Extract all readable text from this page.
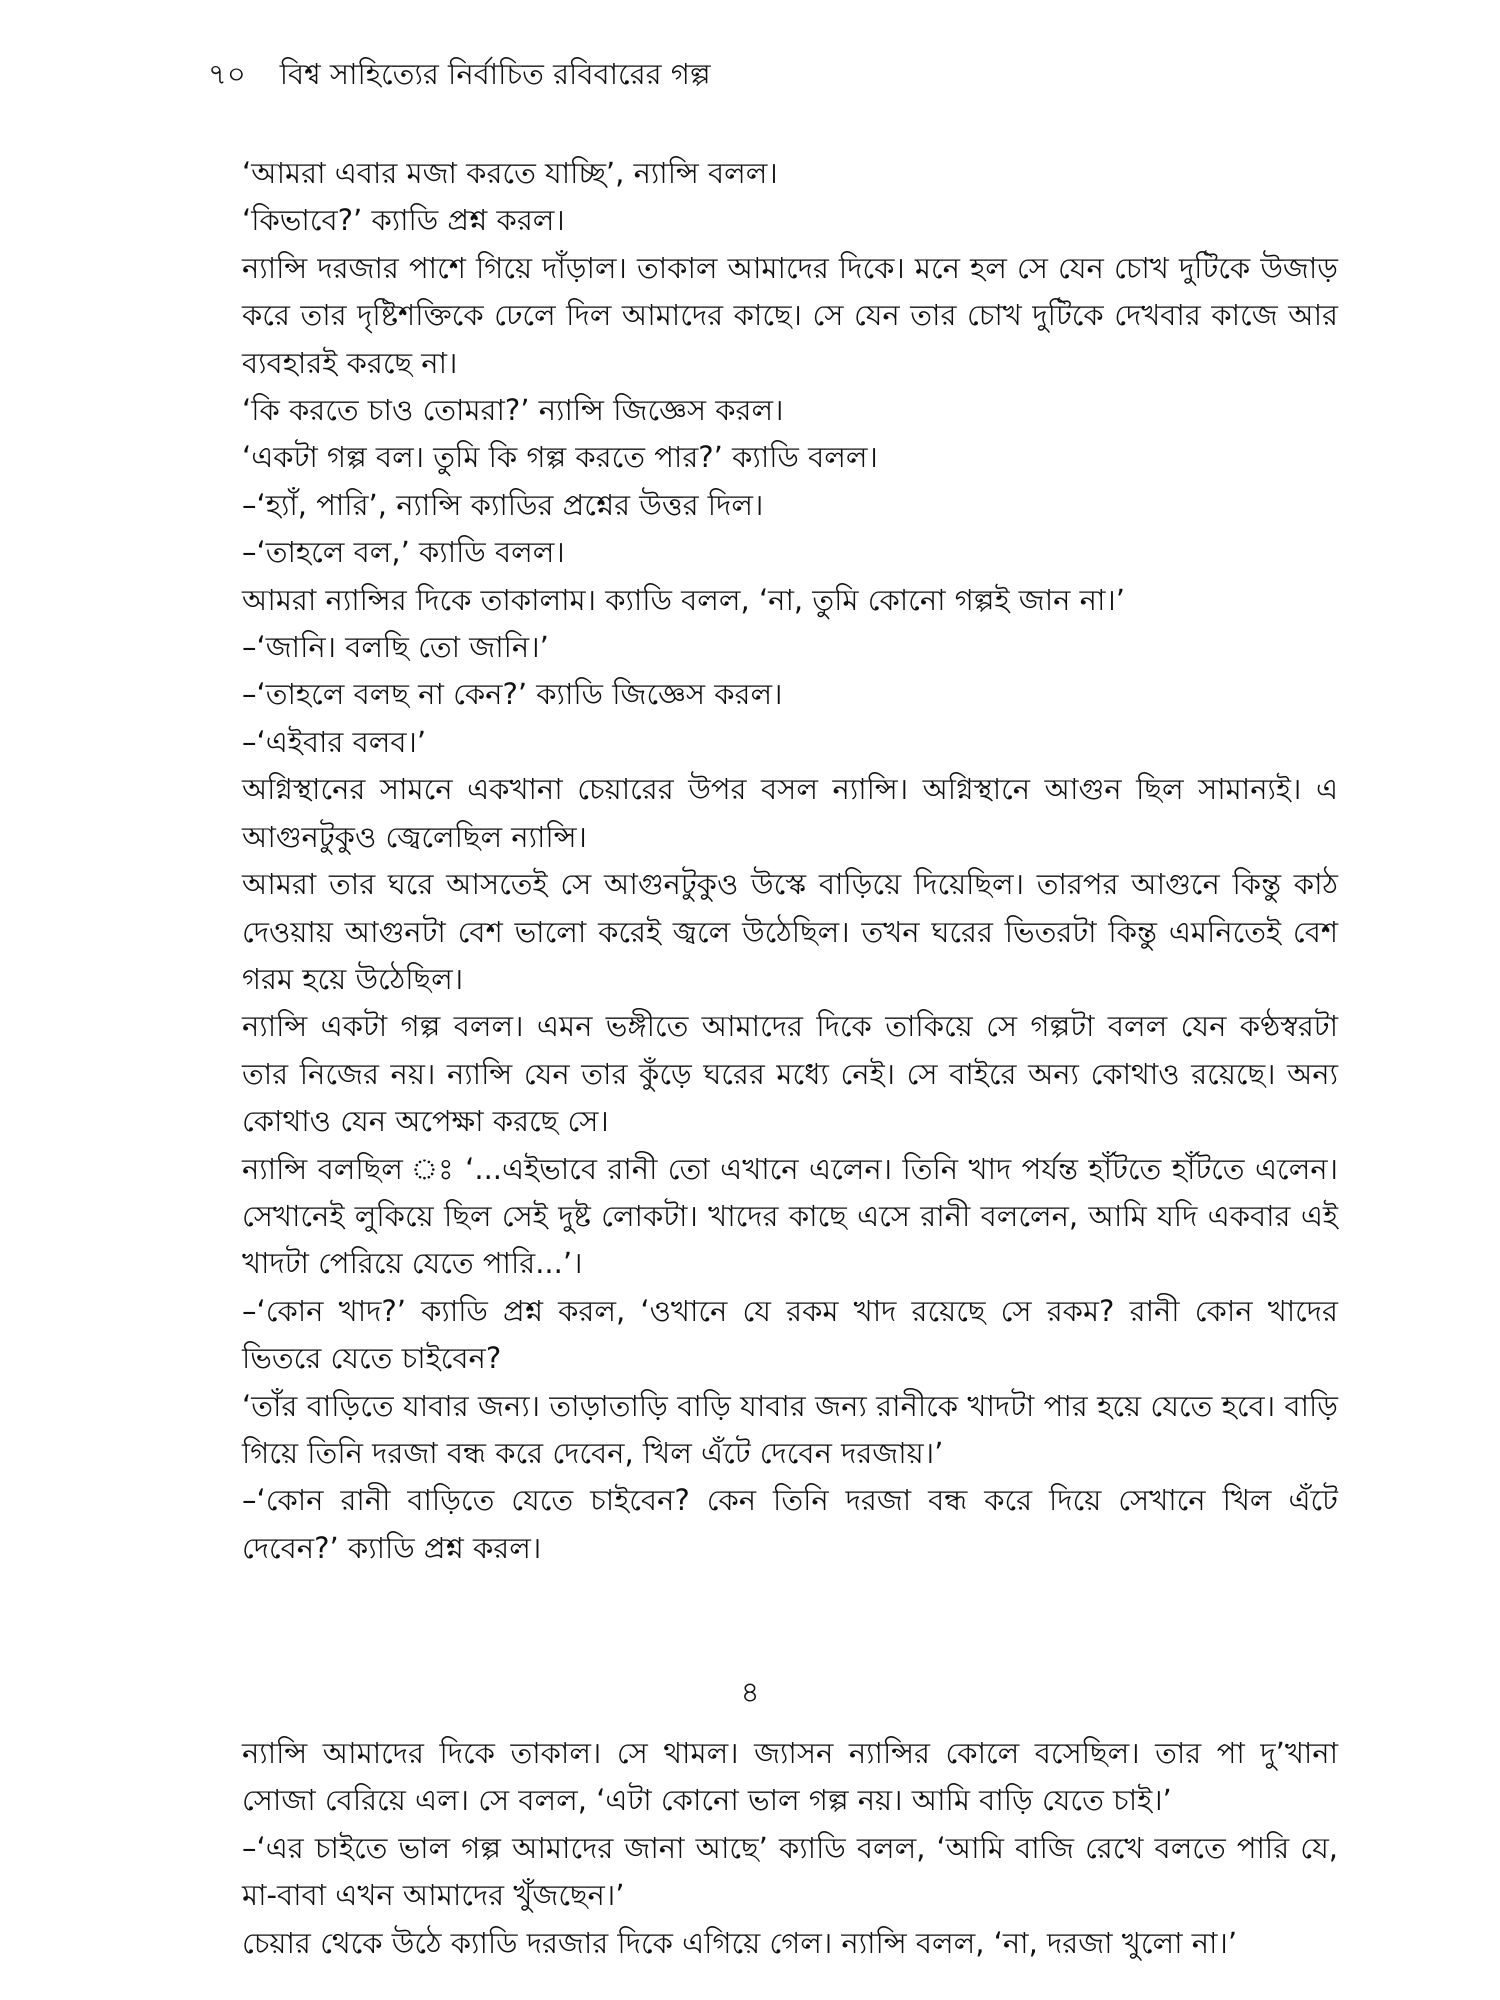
৭০ বিশ্ব সাহিত্যের নির্বাচিত রবিবারের গল্প

‘আমরা এবার মজা করতে যাচ্ছি’, ন্যান্সি বলল।

‘কিভাবে?’ ক্যাডি প্রশ্ন করল।

ন্যান্সি দরজার পাশে গিয়ে দাঁড়াল। তাকাল আমাদের দিকে। মনে হল সে যেন চোখ দুটিকে উজাড় করে তার দৃষ্টিশক্তিকে ঢেলে দিল আমাদের কাছে। সে যেন তার চোখ দুটিকে দেখবার কাজে আর ব্যবহারই করছে না।

‘কি করতে চাও তোমরা?’ ন্যান্সি জিজ্ঞেস করল।

‘একটা গল্প বল। তুমি কি গল্প করতে পার?’ ক্যাডি বলল।

–‘হ্যাঁ, পারি’, ন্যান্সি ক্যাডির প্রশ্নের উত্তর দিল।

–‘তাহলে বল,’ ক্যাডি বলল।

আমরা ন্যান্সির দিকে তাকালাম। ক্যাডি বলল, ‘না, তুমি কোনো গল্পই জান না।’

–‘জানি। বলছি তো জানি।’

–‘তাহলে বলছ না কেন?’ ক্যাডি জিজ্ঞেস করল।

–‘এইবার বলব।’

অগ্নিস্থানের সামনে একখানা চেয়ারের উপর বসল ন্যান্সি। অগ্নিস্থানে আগুন ছিল সামান্যই। এ আগুনটুকুও জ্বেলেছিল ন্যান্সি।

আমরা তার ঘরে আসতেই সে আগুনটুকুও উস্কে বাড়িয়ে দিয়েছিল। তারপর আগুনে কিন্তু কাঠ দেওয়ায় আগুনটা বেশ ভালো করেই জ্বলে উঠেছিল। তখন ঘরের ভিতরটা কিন্তু এমনিতেই বেশ গরম হয়ে উঠেছিল।

ন্যান্সি একটা গল্প বলল। এমন ভঙ্গীতে আমাদের দিকে তাকিয়ে সে গল্পটা বলল যেন কণ্ঠস্বরটা তার নিজের নয়। ন্যান্সি যেন তার কুঁড়ে ঘরের মধ্যে নেই। সে বাইরে অন্য কোথাও রয়েছে। অন্য কোথাও যেন অপেক্ষা করছে সে।

ন্যান্সি বলছিল ঃ ‘...এইভাবে রানী তো এখানে এলেন। তিনি খাদ পর্যন্ত হাঁটতে হাঁটতে এলেন। সেখানেই লুকিয়ে ছিল সেই দুষ্ট লোকটা। খাদের কাছে এসে রানী বললেন, আমি যদি একবার এই খাদটা পেরিয়ে যেতে পারি...’।

–‘কোন খাদ?’ ক্যাডি প্রশ্ন করল, ‘ওখানে যে রকম খাদ রয়েছে সে রকম? রানী কোন খাদের ভিতরে যেতে চাইবেন?

‘তাঁর বাড়িতে যাবার জন্য। তাড়াতাড়ি বাড়ি যাবার জন্য রানীকে খাদটা পার হয়ে যেতে হবে। বাড়ি গিয়ে তিনি দরজা বন্ধ করে দেবেন, খিল এঁটে দেবেন দরজায়।’

–‘কোন রানী বাড়িতে যেতে চাইবেন? কেন তিনি দরজা বন্ধ করে দিয়ে সেখানে খিল এঁটে দেবেন?’ ক্যাডি প্রশ্ন করল।

৪

ন্যান্সি আমাদের দিকে তাকাল। সে থামল। জ্যাসন ন্যান্সির কোলে বসেছিল। তার পা দু’খানা সোজা বেরিয়ে এল। সে বলল, ‘এটা কোনো ভাল গল্প নয়। আমি বাড়ি যেতে চাই।’

–‘এর চাইতে ভাল গল্প আমাদের জানা আছে’ ক্যাডি বলল, ‘আমি বাজি রেখে বলতে পারি যে, মা-বাবা এখন আমাদের খুঁজছেন।’

চেয়ার থেকে উঠে ক্যাডি দরজার দিকে এগিয়ে গেল। ন্যান্সি বলল, ‘না, দরজা খুলো না।’
